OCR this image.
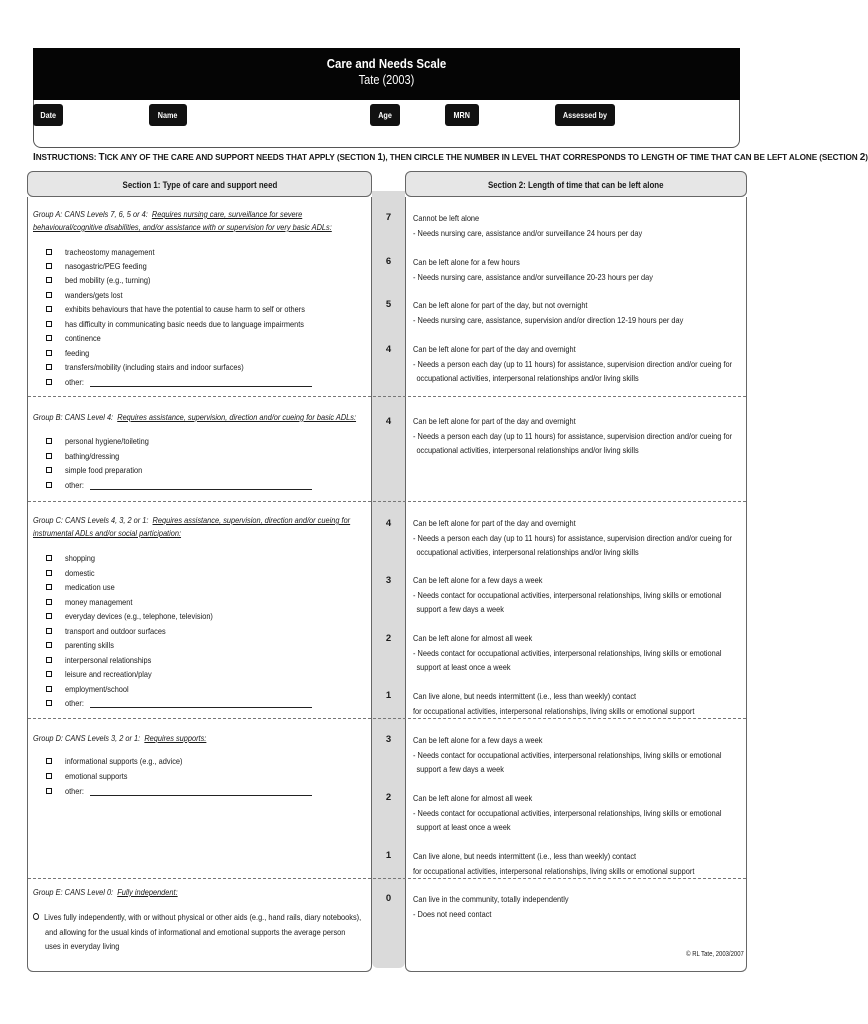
Care and Needs Scale
Tate (2003)
Date	Name	Age	MRN	Assessed by
INSTRUCTIONS: TICK ANY OF THE CARE AND SUPPORT NEEDS THAT APPLY (SECTION 1), THEN CIRCLE THE NUMBER IN LEVEL THAT CORRESPONDS TO LENGTH OF TIME THAT CAN BE LEFT ALONE (SECTION 2)
Section 1: Type of care and support need	Section 2: Length of time that can be left alone
Group A: CANS Levels 7, 6, 5 or 4: Requires nursing care, surveillance for severe
behavioural/cognitive disabilities, and/or assistance with or supervision for very basic ADLs:
tracheostomy management
nasogastric/PEG feeding
bed mobility (e.g., turning)
wanders/gets lost
exhibits behaviours that have the potential to cause harm to self or others
has difficulty in communicating basic needs due to language impairments
continence
feeding
transfers/mobility (including stairs and indoor surfaces)
other:
Group B: CANS Level 4: Requires assistance, supervision, direction and/or cueing for basic ADLs:
personal hygiene/toileting
bathing/dressing
simple food preparation
other:
Group C: CANS Levels 4, 3, 2 or 1: Requires assistance, supervision, direction and/or cueing for
instrumental ADLs and/or social participation:
shopping
domestic
medication use
money management
everyday devices (e.g., telephone, television)
transport and outdoor surfaces
parenting skills
interpersonal relationships
leisure and recreation/play
employment/school
other:
Group D: CANS Levels 3, 2 or 1: Requires supports:
informational supports (e.g., advice)
emotional supports
other:
Group E: CANS Level 0: Fully independent:
Lives fully independently, with or without physical or other aids (e.g., hand rails, diary notebooks),
and allowing for the usual kinds of informational and emotional supports the average person
uses in everyday living
7	Cannot be left alone
- Needs nursing care, assistance and/or surveillance 24 hours per day
6	Can be left alone for a few hours
- Needs nursing care, assistance and/or surveillance 20-23 hours per day
5	Can be left alone for part of the day, but not overnight
- Needs nursing care, assistance, supervision and/or direction 12-19 hours per day
4	Can be left alone for part of the day and overnight
- Needs a person each day (up to 11 hours) for assistance, supervision direction and/or cueing for
occupational activities, interpersonal relationships and/or living skills
4	Can be left alone for part of the day and overnight
- Needs a person each day (up to 11 hours) for assistance, supervision direction and/or cueing for
occupational activities, interpersonal relationships and/or living skills
4	Can be left alone for part of the day and overnight
- Needs a person each day (up to 11 hours) for assistance, supervision direction and/or cueing for
occupational activities, interpersonal relationships and/or living skills
3	Can be left alone for a few days a week
- Needs contact for occupational activities, interpersonal relationships, living skills or emotional
support a few days a week
2	Can be left alone for almost all week
- Needs contact for occupational activities, interpersonal relationships, living skills or emotional
support at least once a week
1	Can live alone, but needs intermittent (i.e., less than weekly) contact
for occupational activities, interpersonal relationships, living skills or emotional support
3	Can be left alone for a few days a week
- Needs contact for occupational activities, interpersonal relationships, living skills or emotional
support a few days a week
2	Can be left alone for almost all week
- Needs contact for occupational activities, interpersonal relationships, living skills or emotional
support at least once a week
1	Can live alone, but needs intermittent (i.e., less than weekly) contact
for occupational activities, interpersonal relationships, living skills or emotional support
0	Can live in the community, totally independently
- Does not need contact
© RL Tate, 2003/2007
